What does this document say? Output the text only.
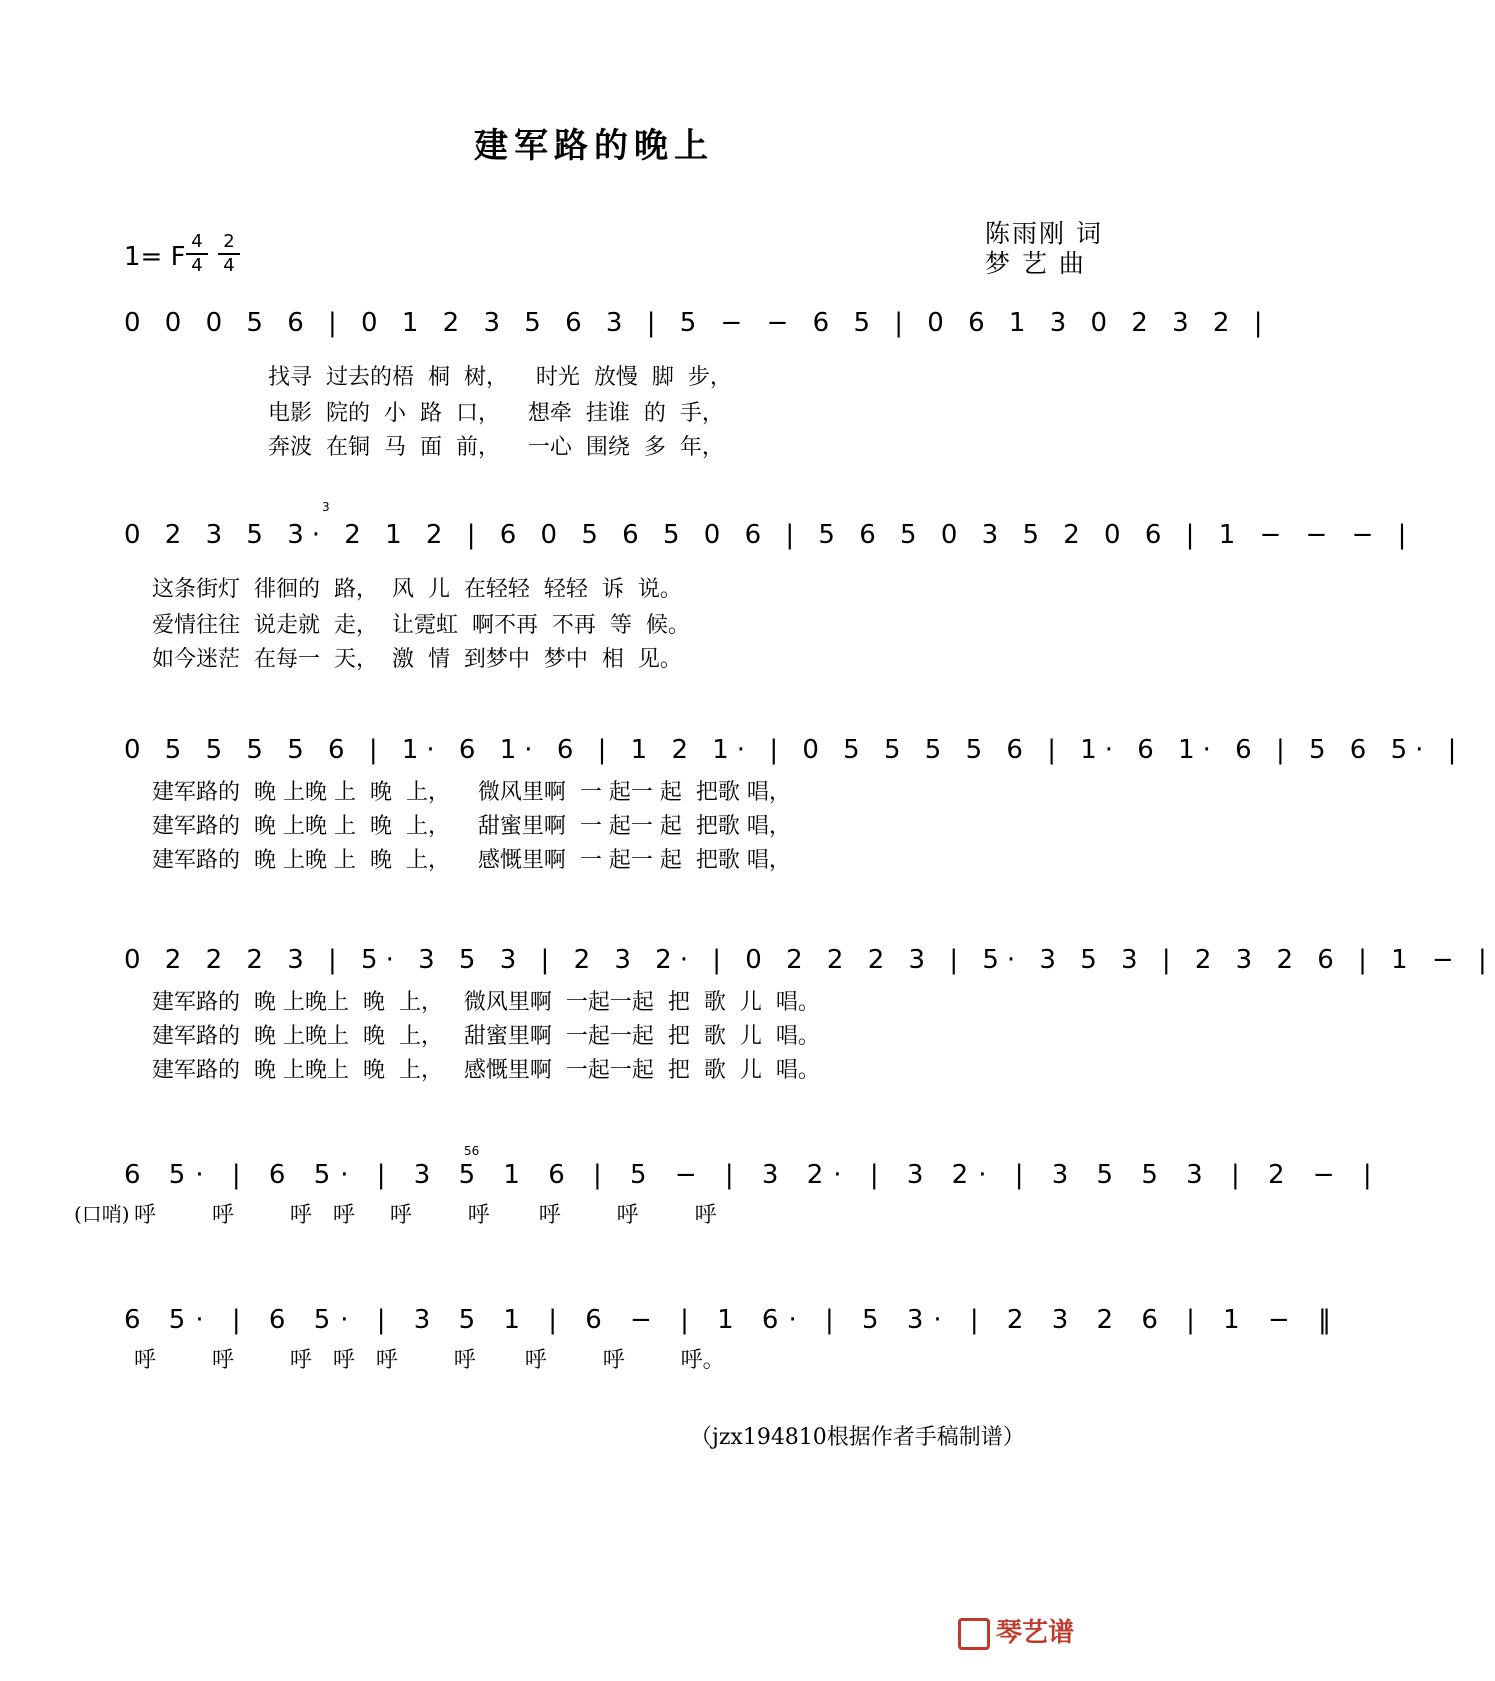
建军路的晚上
1= F
4
4
2
4
陈雨刚 词
梦 艺 曲
0 0 0 5 6 | 0 1 2 3 5 6 3 | 5 − − 6 5 | 0 6 1 3 0 2 3 2 |
找寻  过去的梧  桐  树，    时光  放慢  脚  步，
电影  院的  小  路  口，    想牵  挂谁  的  手，
奔波  在铜  马  面  前，    一心  围绕  多  年，
0 2 3 5 3· 2 1 2 | 6 0 5 6 5 0 6 | 5 6 5 0 3 5 2 0 6 | 1 − − − |
这条街灯  徘徊的  路，  风  儿  在轻轻  轻轻  诉  说。
爱情往往  说走就  走，  让霓虹  啊不再  不再  等  候。
如今迷茫  在每一  天，  激  情  到梦中  梦中  相  见。
0 5 5 5 5 6 | 1· 6 1· 6 | 1 2 1· | 0 5 5 5 5 6 | 1· 6 1· 6 | 5 6 5· |
建军路的  晚 上晚 上  晚  上，    微风里啊  一 起一 起  把歌 唱，
建军路的  晚 上晚 上  晚  上，    甜蜜里啊  一 起一 起  把歌 唱，
建军路的  晚 上晚 上  晚  上，    感慨里啊  一 起一 起  把歌 唱，
0 2 2 2 3 | 5· 3 5 3 | 2 3 2· | 0 2 2 2 3 | 5· 3 5 3 | 2 3 2 6 | 1 − |
建军路的  晚 上晚上  晚  上，   微风里啊  一起一起  把  歌  儿  唱。
建军路的  晚 上晚上  晚  上，   甜蜜里啊  一起一起  把  歌  儿  唱。
建军路的  晚 上晚上  晚  上，   感慨里啊  一起一起  把  歌  儿  唱。
6 5· | 6 5· | 3 5 1 6 | 5 − | 3 2· | 3 2· | 3 5 5 3 | 2 − |
呼        呼        呼   呼     呼        呼       呼        呼        呼
(口哨)
6 5· | 6 5· | 3 5 1 | 6 − | 1 6· | 5 3· | 2 3 2 6 | 1 − ‖
呼        呼        呼   呼   呼        呼       呼        呼        呼。
（jzx194810根据作者手稿制谱）
琴艺谱
3
56
